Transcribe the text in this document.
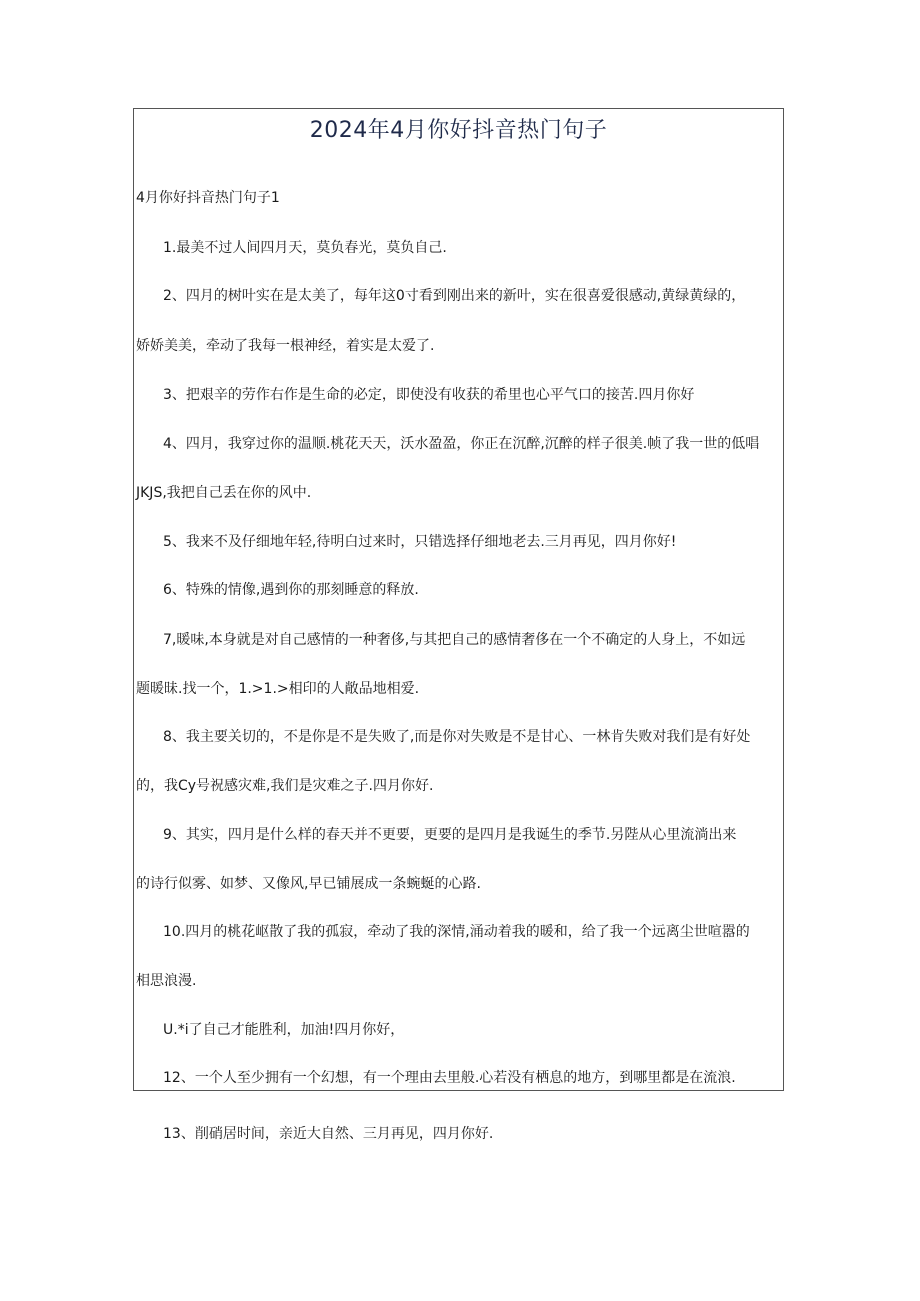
2024年4月你好抖音热门句子

4月你好抖音热门句子1

1.最美不过人间四月天，莫负春光，莫负自己.

2、四月的树叶实在是太美了，每年这0寸看到刚出来的新叶，实在很喜爱很感动,黄绿黄绿的，

娇娇美美，牵动了我每一根神经，着实是太爱了.

3、把艰辛的劳作右作是生命的必定，即使没有收获的希里也心平气口的接苦.四月你好

4、四月，我穿过你的温顺.桃花天天，沃水盈盈，你正在沉醉,沉醉的样子很美.帧了我一世的低唱

JKJS,我把自己丢在你的风中.

5、我来不及仔细地年轻,待明白过来时，只错选择仔细地老去.三月再见，四月你好!

6、特殊的情像,遇到你的那刻睡意的释放.

7,暖味,本身就是对自己感情的一种奢侈,与其把自己的感情奢侈在一个不确定的人身上，不如远

题暖昧.找一个，1.>1.>相印的人敞品地相爱.

8、我主要关切的，不是你是不是失败了,而是你对失败是不是甘心、一林肯失败对我们是有好处

的，我Cy号祝感灾难,我们是灾难之子.四月你好.

9、其实，四月是什么样的春天并不更要，更要的是四月是我诞生的季节.另陛从心里流淌出来

的诗行似雾、如梦、又像风,早已铺展成一条蜿蜒的心路.

10.四月的桃花岖散了我的孤寂，牵动了我的深情,涌动着我的暖和，给了我一个远离尘世喧嚣的

相思浪漫.

U.*i了自己才能胜利，加油!四月你好，

12、一个人至少拥有一个幻想，有一个理由去里般.心若没有栖息的地方，到哪里都是在流浪.

13、削硝居时间，亲近大自然、三月再见，四月你好.
